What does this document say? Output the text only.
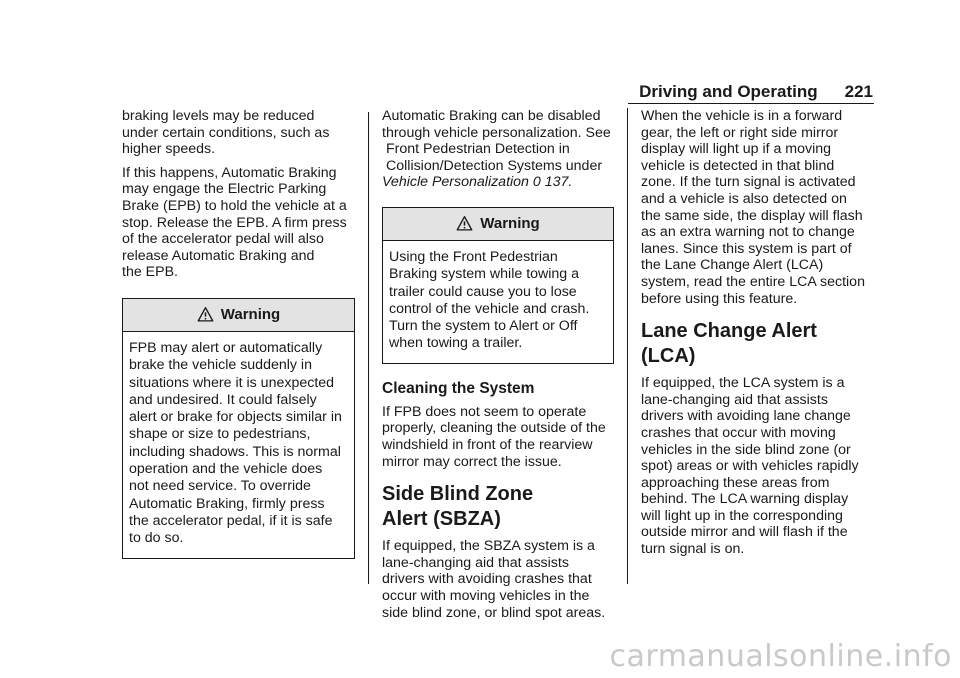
Driving and Operating 221

braking levels may be reduced
under certain conditions, such as
higher speeds.

If this happens, Automatic Braking
may engage the Electric Parking
Brake (EPB) to hold the vehicle at a
stop. Release the EPB. A firm press
of the accelerator pedal will also
release Automatic Braking and
the EPB.

Warning
FPB may alert or automatically
brake the vehicle suddenly in
situations where it is unexpected
and undesired. It could falsely
alert or brake for objects similar in
shape or size to pedestrians,
including shadows. This is normal
operation and the vehicle does
not need service. To override
Automatic Braking, firmly press
the accelerator pedal, if it is safe
to do so.

Automatic Braking can be disabled
through vehicle personalization. See
Front Pedestrian Detection in
Collision/Detection Systems under
Vehicle Personalization 0 137.

Warning
Using the Front Pedestrian
Braking system while towing a
trailer could cause you to lose
control of the vehicle and crash.
Turn the system to Alert or Off
when towing a trailer.
Cleaning the System

If FPB does not seem to operate
properly, cleaning the outside of the
windshield in front of the rearview
mirror may correct the issue.

Side Blind Zone
Alert (SBZA)

If equipped, the SBZA system is a
lane-changing aid that assists
drivers with avoiding crashes that
occur with moving vehicles in the
side blind zone, or blind spot areas.

When the vehicle is in a forward
gear, the left or right side mirror
display will light up if a moving
vehicle is detected in that blind
zone. If the turn signal is activated
and a vehicle is also detected on
the same side, the display will flash
as an extra warning not to change
lanes. Since this system is part of
the Lane Change Alert (LCA)
system, read the entire LCA section
before using this feature.

Lane Change Alert (LCA)

If equipped, the LCA system is a
lane-changing aid that assists
drivers with avoiding lane change
crashes that occur with moving
vehicles in the side blind zone (or
spot) areas or with vehicles rapidly
approaching these areas from
behind. The LCA warning display
will light up in the corresponding
outside mirror and will flash if the
turn signal is on.

carmanualsonline.info
